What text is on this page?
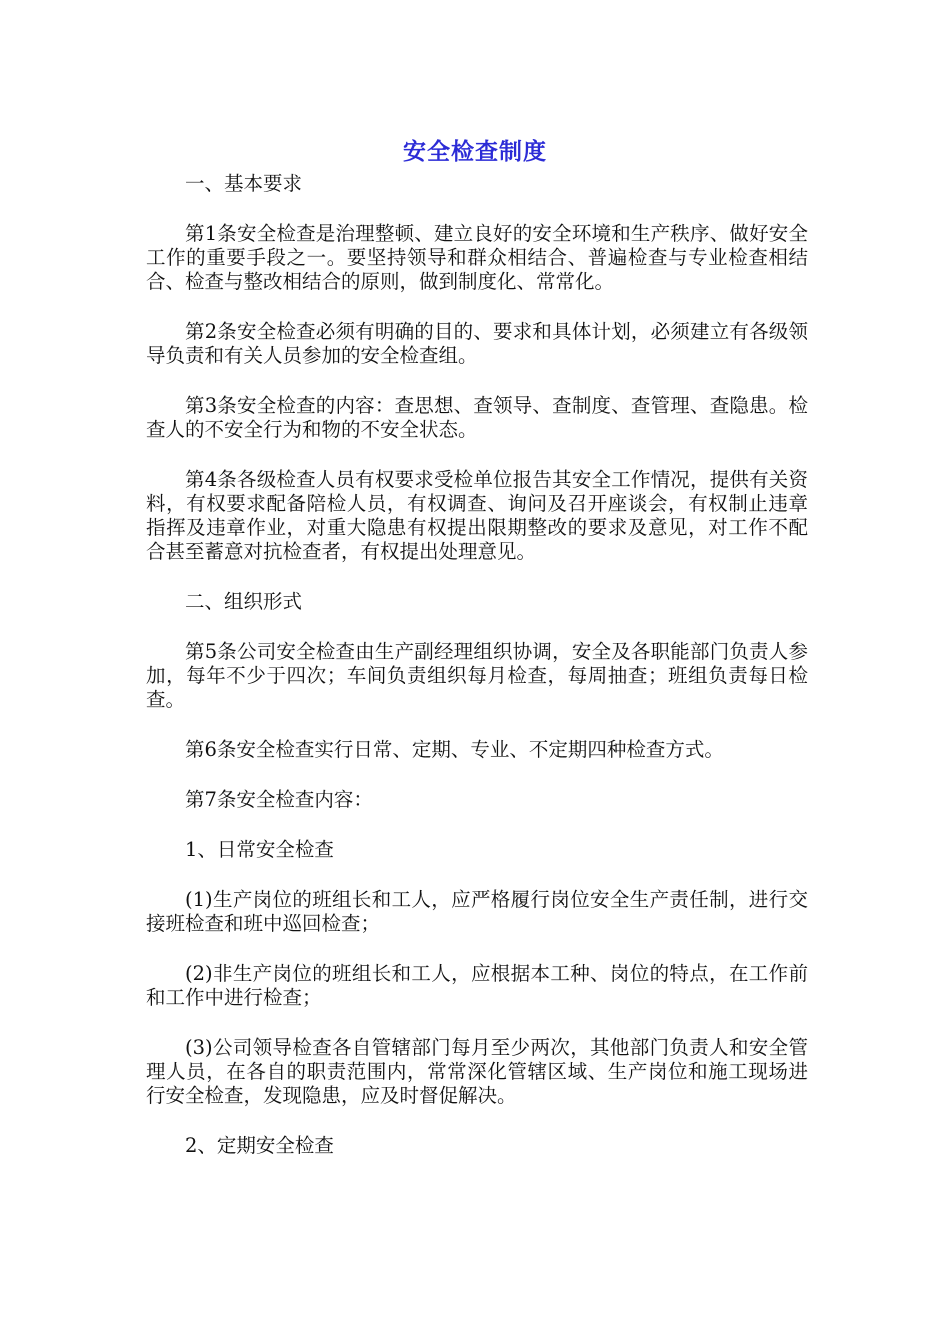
安全检查制度

一、基本要求

第1条安全检查是治理整顿、建立良好的安全环境和生产秩序、做好安全工作的重要手段之一。要坚持领导和群众相结合、普遍检查与专业检查相结合、检查与整改相结合的原则，做到制度化、常常化。

第2条安全检查必须有明确的目的、要求和具体计划，必须建立有各级领导负责和有关人员参加的安全检查组。

第3条安全检查的内容：查思想、查领导、查制度、查管理、查隐患。检查人的不安全行为和物的不安全状态。

第4条各级检查人员有权要求受检单位报告其安全工作情况，提供有关资料，有权要求配备陪检人员，有权调查、询问及召开座谈会，有权制止违章指挥及违章作业，对重大隐患有权提出限期整改的要求及意见，对工作不配合甚至蓄意对抗检查者，有权提出处理意见。

二、组织形式

第5条公司安全检查由生产副经理组织协调，安全及各职能部门负责人参加，每年不少于四次；车间负责组织每月检查，每周抽查；班组负责每日检查。

第6条安全检查实行日常、定期、专业、不定期四种检查方式。

第7条安全检查内容：

1、日常安全检查

(1)生产岗位的班组长和工人，应严格履行岗位安全生产责任制，进行交接班检查和班中巡回检查；

(2)非生产岗位的班组长和工人，应根据本工种、岗位的特点，在工作前和工作中进行检查；

(3)公司领导检查各自管辖部门每月至少两次，其他部门负责人和安全管理人员，在各自的职责范围内，常常深化管辖区域、生产岗位和施工现场进行安全检查，发现隐患，应及时督促解决。

2、定期安全检查
